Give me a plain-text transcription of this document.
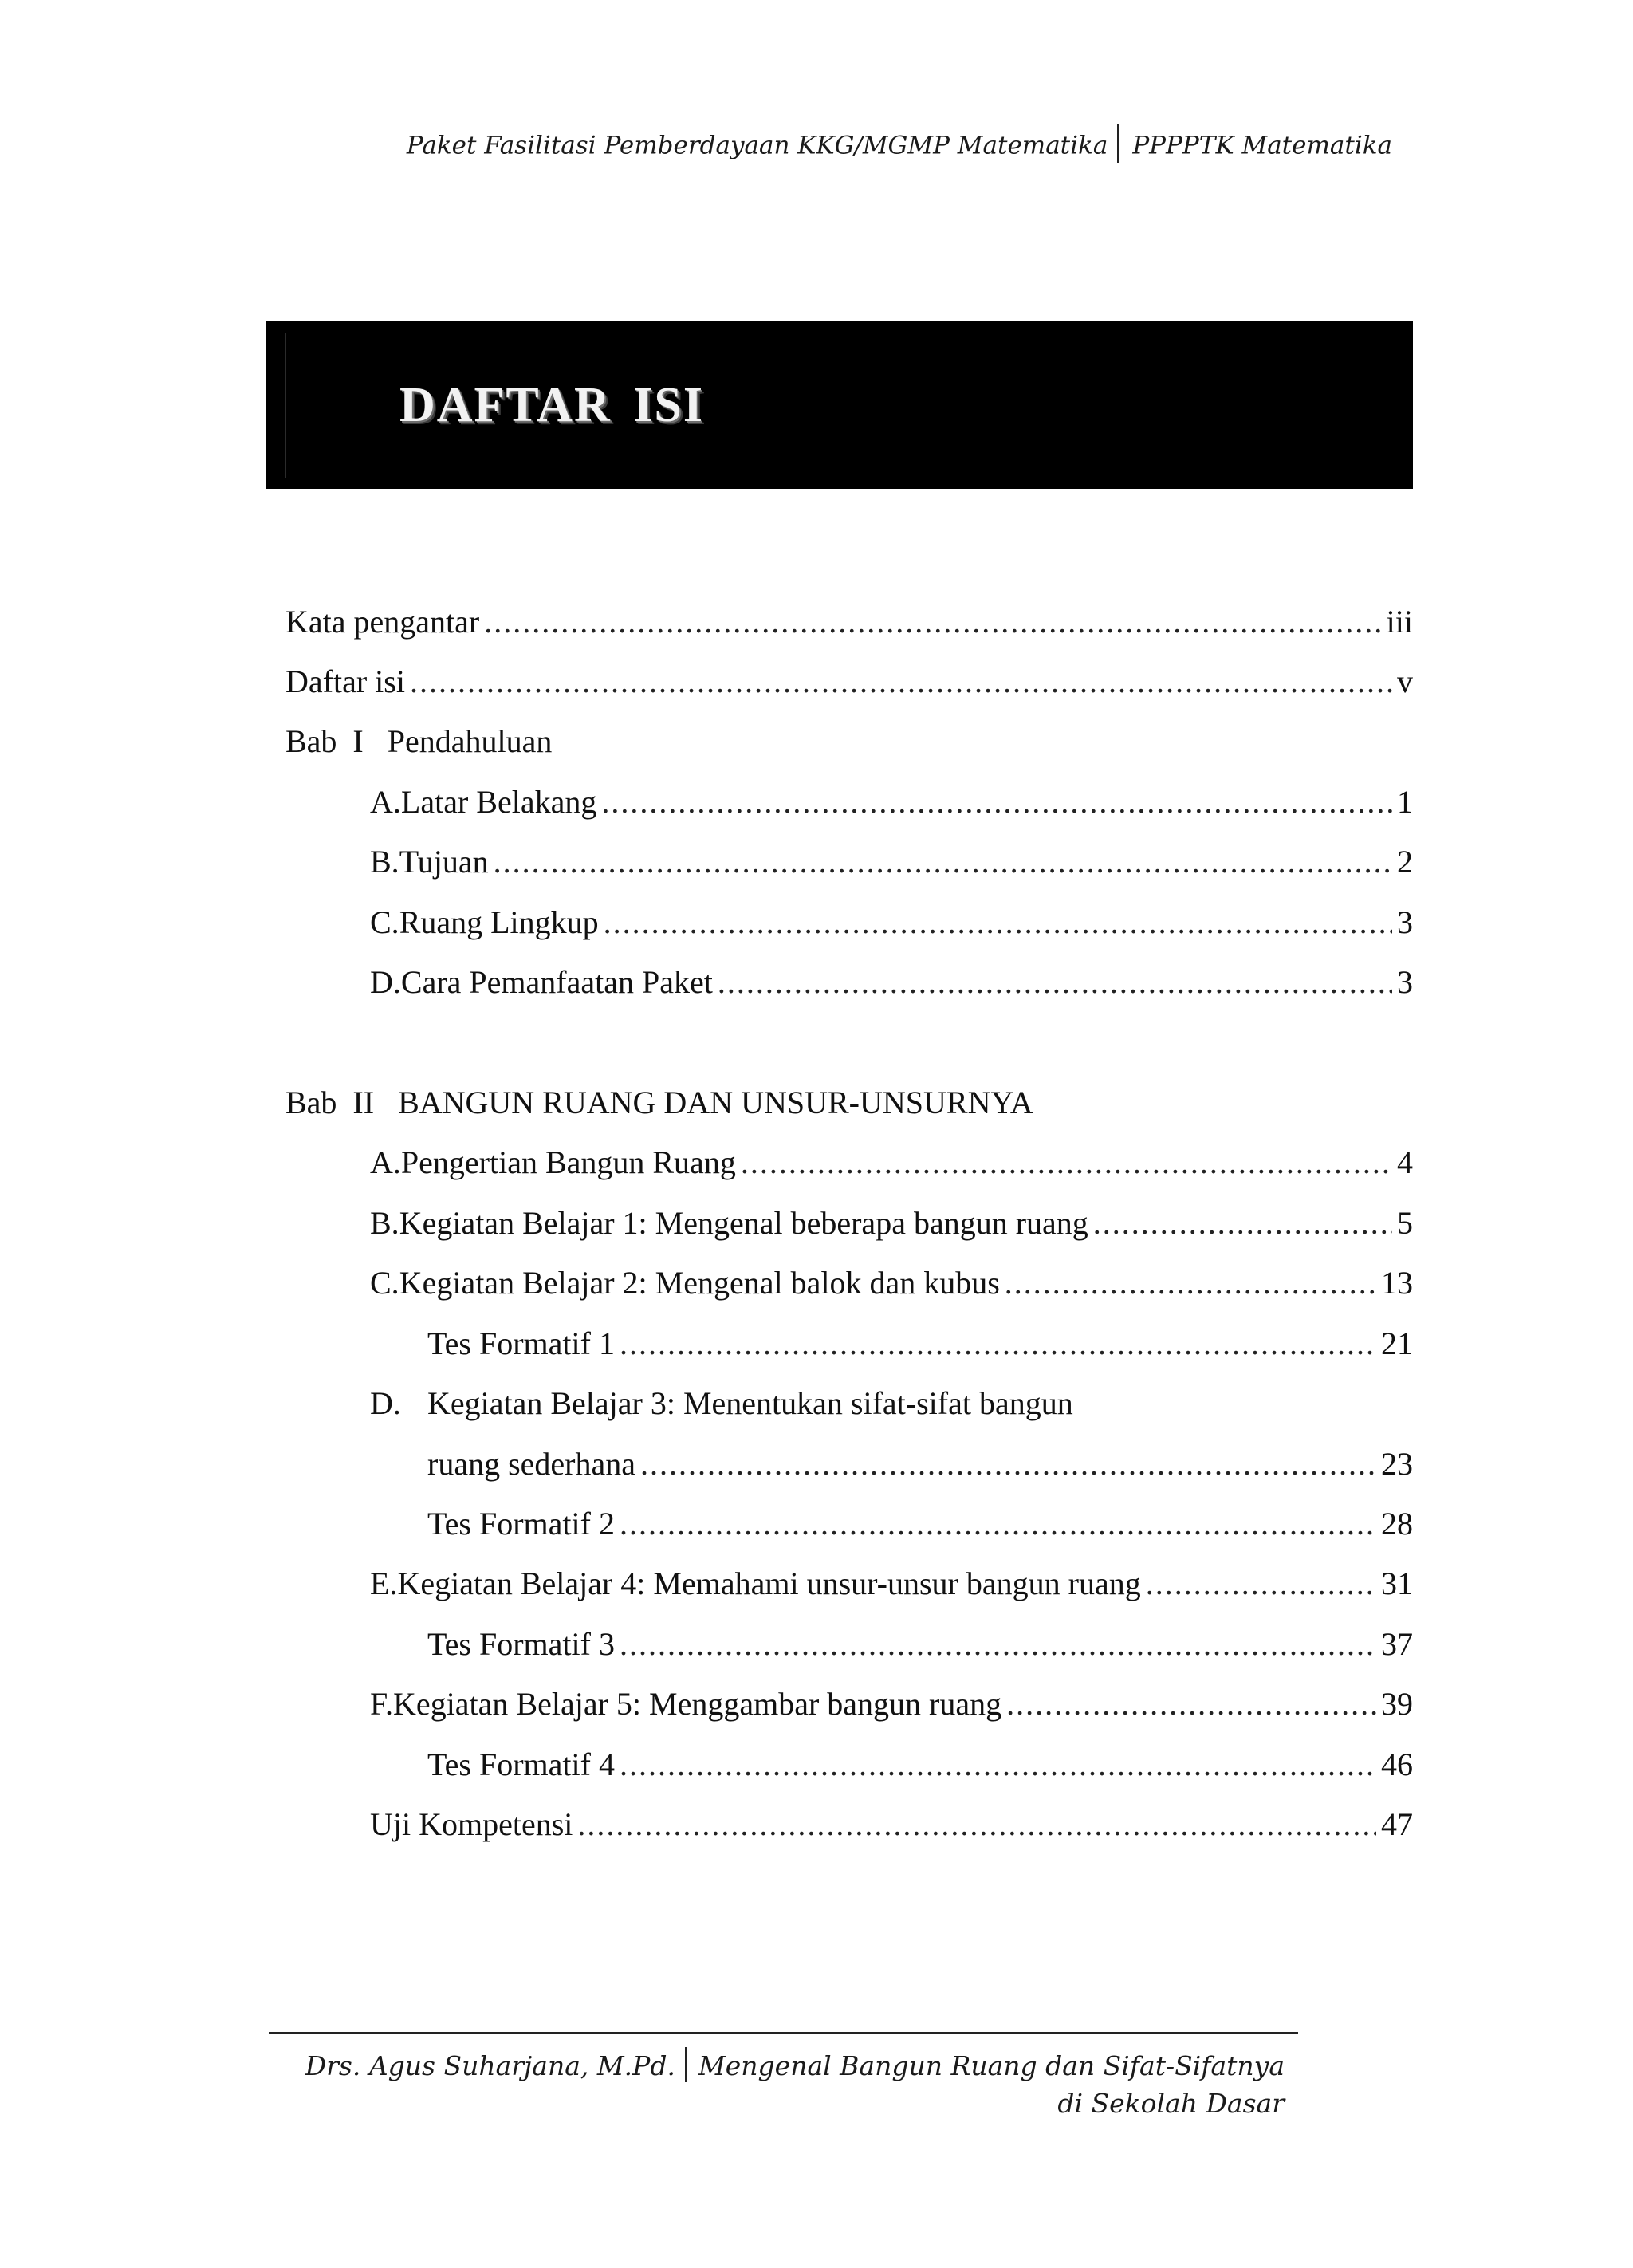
Paket Fasilitasi Pemberdayaan KKG/MGMP Matematika PPPPTK Matematika
DAFTAR ISI
Kata pengantar .....	iii
Daftar isi .....	v
Bab  I   Pendahuluan
A. Latar Belakang .....	1
B. Tujuan .....	2
C. Ruang Lingkup .....	3
D. Cara Pemanfaatan Paket .....	3
Bab  II   BANGUN RUANG DAN UNSUR-UNSURNYA
A. Pengertian Bangun Ruang .....	4
B. Kegiatan Belajar 1: Mengenal beberapa bangun ruang .....	5
C. Kegiatan Belajar 2: Mengenal balok dan kubus .....	13
Tes Formatif 1 .....	21
D. Kegiatan Belajar 3: Menentukan sifat-sifat bangun
ruang sederhana .....	23
Tes Formatif 2 .....	28
E. Kegiatan Belajar 4: Memahami unsur-unsur bangun ruang .....	31
Tes Formatif 3 .....	37
F. Kegiatan Belajar 5: Menggambar bangun ruang .....	39
Tes Formatif 4 .....	46
Uji Kompetensi .....	47
Drs. Agus Suharjana, M.Pd. Mengenal Bangun Ruang dan Sifat-Sifatnya
di Sekolah Dasar
